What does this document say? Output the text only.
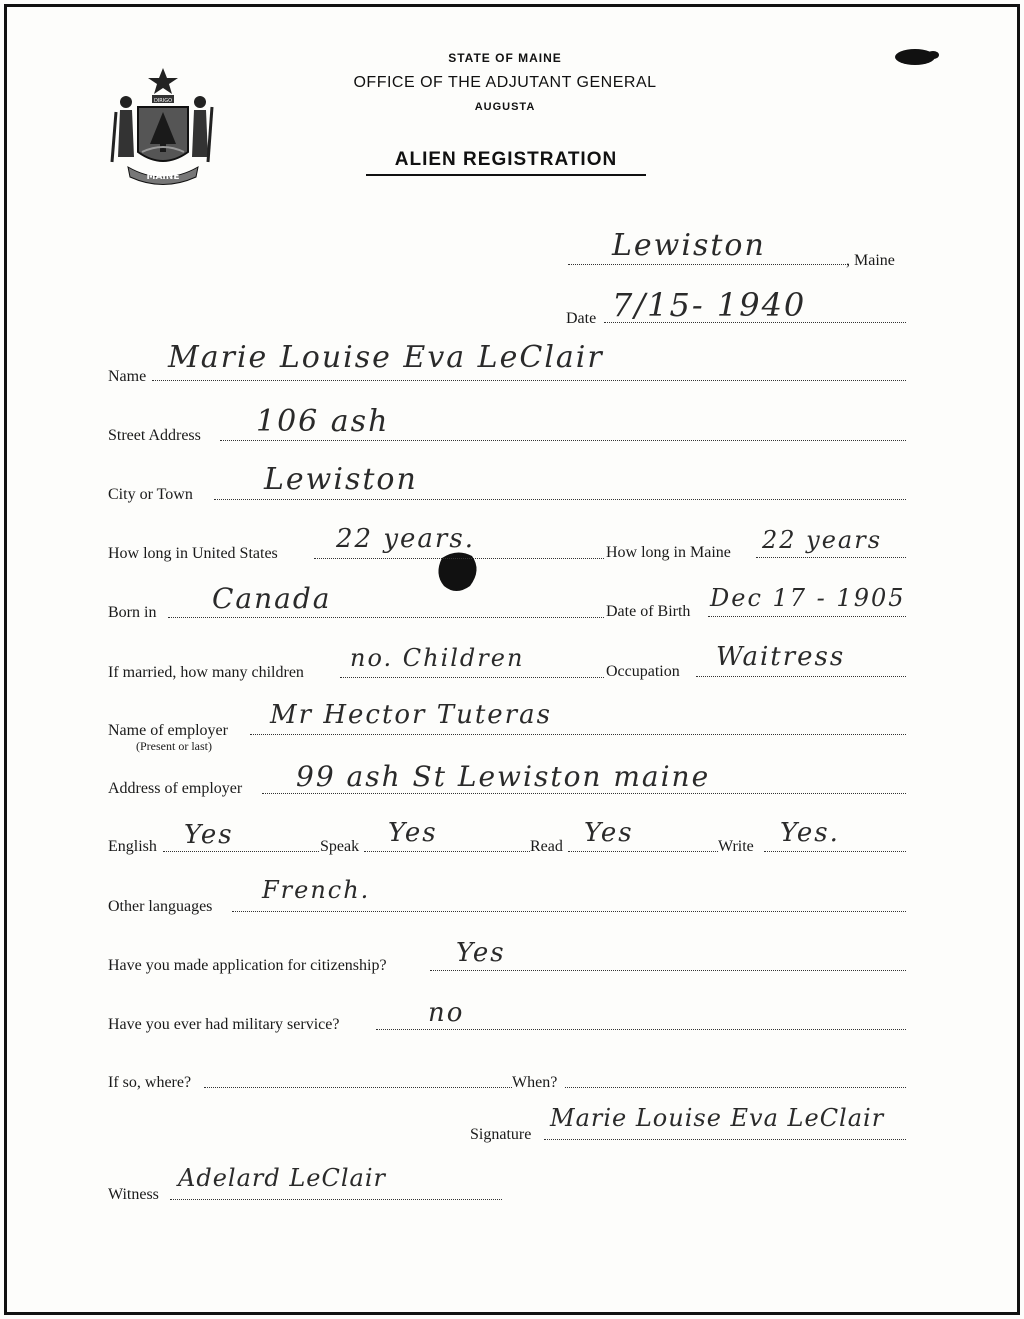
DIRIGO
MAINE
STATE OF MAINE
OFFICE OF THE ADJUTANT GENERAL
AUGUSTA
ALIEN REGISTRATION
Lewiston	, Maine
Date 7/15- 1940
Name
Marie Louise Eva LeClair
Street Address 106 ash
City or Town Lewiston
How long in United States 22 years.	How long in Maine 22 years
Born in Canada	Date of Birth Dec 17 - 1905
If married, how many children
no. Children	Occupation Waitress
Name of employer
(Present or last)
Mr Hector Tuteras
Address of employer 99 ash St Lewiston maine
English Yes	Speak Yes	Read Yes	Write Yes.
Other languages
French.
Have you made application for citizenship?	Yes
Have you ever had military service?	no
If so, where?	When?
Signature
Marie Louise Eva LeClair
Witness
Adelard LeClair
